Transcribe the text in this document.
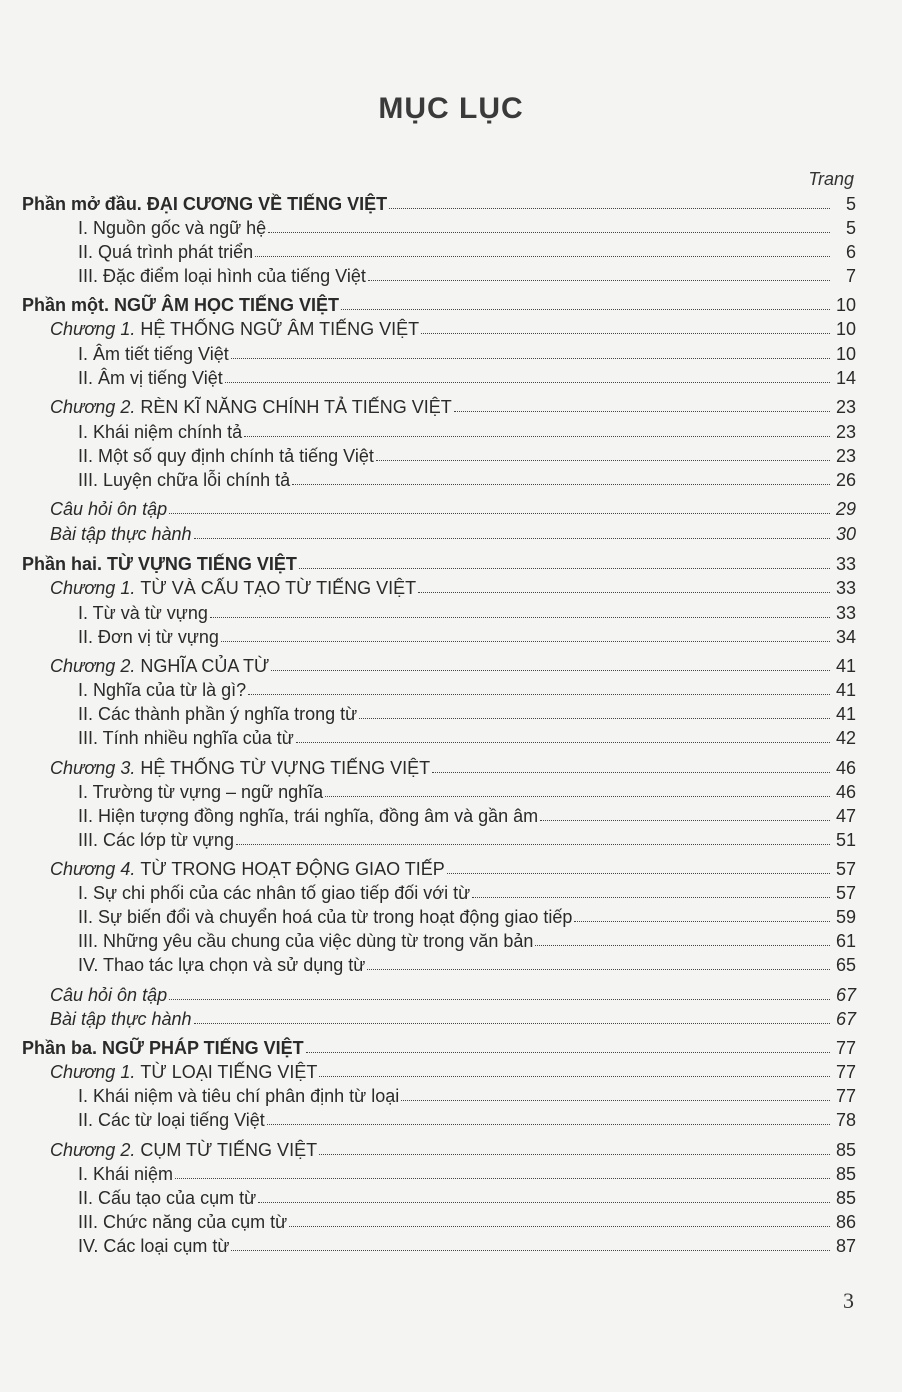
MỤC LỤC
Trang
Phần mở đầu. ĐẠI CƯƠNG VỀ TIẾNG VIỆT	5
I. Nguồn gốc và ngữ hệ	5
II. Quá trình phát triển	6
III. Đặc điểm loại hình của tiếng Việt	7
Phần một. NGỮ ÂM HỌC TIẾNG VIỆT	10
Chương 1. HỆ THỐNG NGỮ ÂM TIẾNG VIỆT	10
I. Âm tiết tiếng Việt	10
II. Âm vị tiếng Việt	14
Chương 2. RÈN KĨ NĂNG CHÍNH TẢ TIẾNG VIỆT	23
I. Khái niệm chính tả	23
II. Một số quy định chính tả tiếng Việt	23
III. Luyện chữa lỗi chính tả	26
Câu hỏi ôn tập	29
Bài tập thực hành	30
Phần hai. TỪ VỰNG TIẾNG VIỆT	33
Chương 1. TỪ VÀ CẤU TẠO TỪ TIẾNG VIỆT	33
I. Từ và từ vựng	33
II. Đơn vị từ vựng	34
Chương 2. NGHĨA CỦA TỪ	41
I. Nghĩa của từ là gì?	41
II. Các thành phần ý nghĩa trong từ	41
III. Tính nhiều nghĩa của từ	42
Chương 3. HỆ THỐNG TỪ VỰNG TIẾNG VIỆT	46
I. Trường từ vựng – ngữ nghĩa	46
II. Hiện tượng đồng nghĩa, trái nghĩa, đồng âm và gần âm	47
III. Các lớp từ vựng	51
Chương 4. TỪ TRONG HOẠT ĐỘNG GIAO TIẾP	57
I. Sự chi phối của các nhân tố giao tiếp đối với từ	57
II. Sự biến đổi và chuyển hoá của từ trong hoạt động giao tiếp	59
III. Những yêu cầu chung của việc dùng từ trong văn bản	61
IV. Thao tác lựa chọn và sử dụng từ	65
Câu hỏi ôn tập	67
Bài tập thực hành	67
Phần ba. NGỮ PHÁP TIẾNG VIỆT	77
Chương 1. TỪ LOẠI TIẾNG VIỆT	77
I. Khái niệm và tiêu chí phân định từ loại	77
II. Các từ loại tiếng Việt	78
Chương 2. CỤM TỪ TIẾNG VIỆT	85
I. Khái niệm	85
II. Cấu tạo của cụm từ	85
III. Chức năng của cụm từ	86
IV. Các loại cụm từ	87
3
